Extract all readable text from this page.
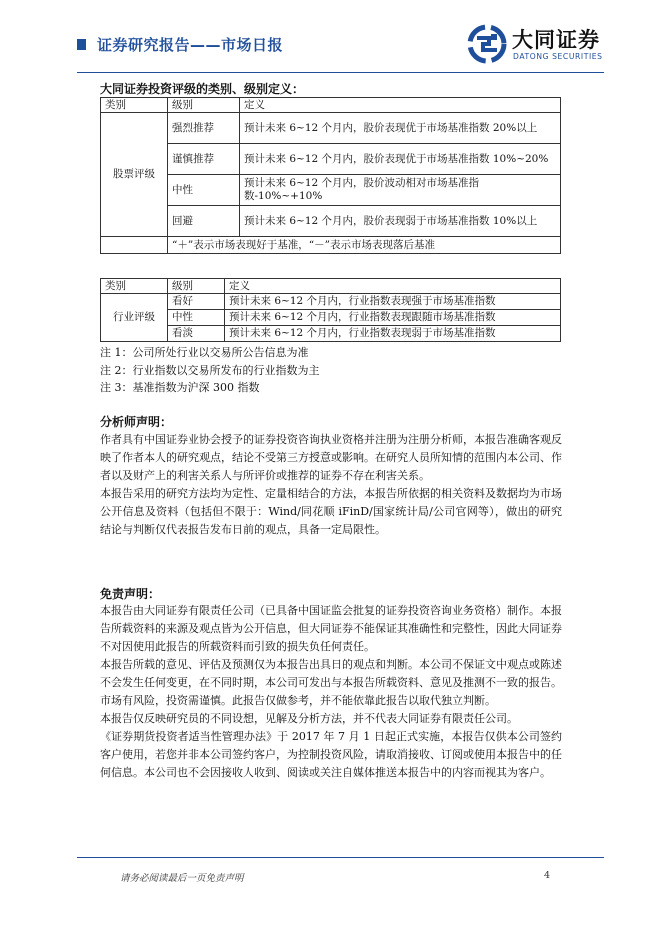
证券研究报告——市场日报	大同证券
DATONG SECURITIES
大同证券投资评级的类别、级别定义：
类别	级别	定义
股票评级	强烈推荐	预计未来 6~12 个月内，股价表现优于市场基准指数 20%以上
	谨慎推荐	预计未来 6~12 个月内，股价表现优于市场基准指数 10%~20%
	中性	预计未来 6~12 个月内，股价波动相对市场基准指数-10%~+10%
	回避	预计未来 6~12 个月内，股价表现弱于市场基准指数 10%以上
	“＋”表示市场表现好于基准，“－”表示市场表现落后基准	
类别	级别	定义
行业评级	看好	预计未来 6~12 个月内，行业指数表现强于市场基准指数
	中性	预计未来 6~12 个月内，行业指数表现跟随市场基准指数
	看淡	预计未来 6~12 个月内，行业指数表现弱于市场基准指数
注 1：公司所处行业以交易所公告信息为准
注 2：行业指数以交易所发布的行业指数为主
注 3：基准指数为沪深 300 指数
分析师声明：

作者具有中国证券业协会授予的证券投资咨询执业资格并注册为注册分析师，本报告准确客观反映了作者本人的研究观点，结论不受第三方授意或影响。在研究人员所知情的范围内本公司、作者以及财产上的利害关系人与所评价或推荐的证券不存在利害关系。

本报告采用的研究方法均为定性、定量相结合的方法，本报告所依据的相关资料及数据均为市场公开信息及资料（包括但不限于：Wind/同花顺 iFinD/国家统计局/公司官网等），做出的研究结论与判断仅代表报告发布日前的观点，具备一定局限性。

免责声明：

本报告由大同证券有限责任公司（已具备中国证监会批复的证券投资咨询业务资格）制作。本报告所载资料的来源及观点皆为公开信息，但大同证券不能保证其准确性和完整性，因此大同证券不对因使用此报告的所载资料而引致的损失负任何责任。

本报告所载的意见、评估及预测仅为本报告出具日的观点和判断。本公司不保证文中观点或陈述不会发生任何变更，在不同时期，本公司可发出与本报告所载资料、意见及推测不一致的报告。

市场有风险，投资需谨慎。此报告仅做参考，并不能依靠此报告以取代独立判断。

本报告仅反映研究员的不同设想，见解及分析方法，并不代表大同证券有限责任公司。

《证券期货投资者适当性管理办法》于 2017 年 7 月 1 日起正式实施，本报告仅供本公司签约客户使用，若您并非本公司签约客户，为控制投资风险，请取消接收、订阅或使用本报告中的任何信息。本公司也不会因接收人收到、阅读或关注自媒体推送本报告中的内容而视其为客户。

请务必阅读最后一页免责声明	4
